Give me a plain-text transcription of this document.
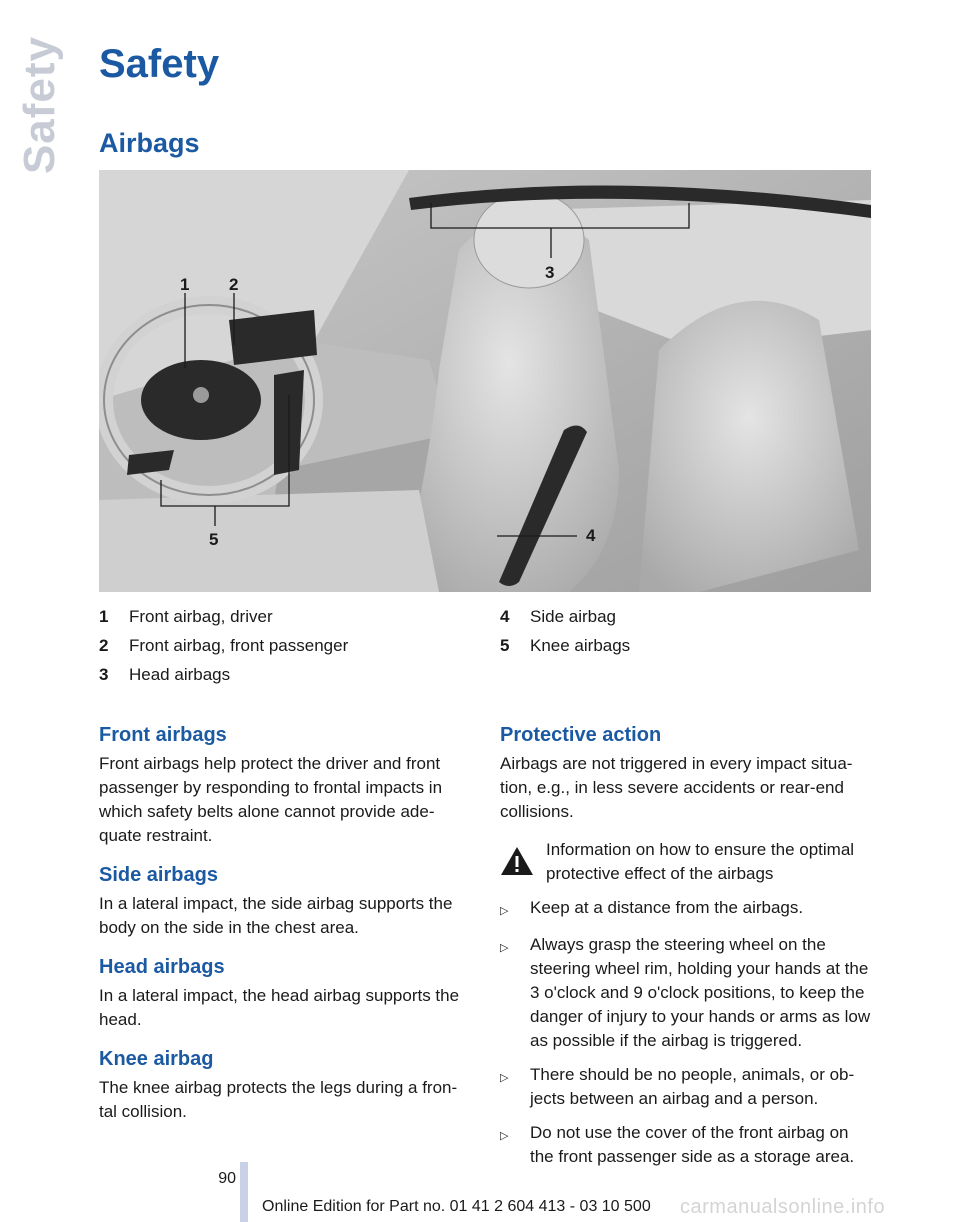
Safety Safety
Airbags
1 2
3
4
5
1	Front airbag, driver
2	Front airbag, front passenger
3	Head airbags
4	Side airbag
5	Knee airbags
Front airbags

Front airbags help protect the driver and front passenger by responding to frontal impacts in which safety belts alone cannot provide ade-quate restraint.

Side airbags

In a lateral impact, the side airbag supports the body on the side in the chest area.

Head airbags

In a lateral impact, the head airbag supports the head.

Knee airbag

The knee airbag protects the legs during a fron-tal collision.

Protective action

Airbags are not triggered in every impact situa-tion, e.g., in less severe accidents or rear-end collisions.

Information on how to ensure the optimal protective effect of the airbags
▷	Keep at a distance from the airbags.
▷	Always grasp the steering wheel on the steering wheel rim, holding your hands at the 3 o'clock and 9 o'clock positions, to keep the danger of injury to your hands or arms as low as possible if the airbag is triggered.
▷	There should be no people, animals, or ob-jects between an airbag and a person.
▷	Do not use the cover of the front airbag on the front passenger side as a storage area.
90
Online Edition for Part no. 01 41 2 604 413 - 03 10 500 carmanualsonline.info
